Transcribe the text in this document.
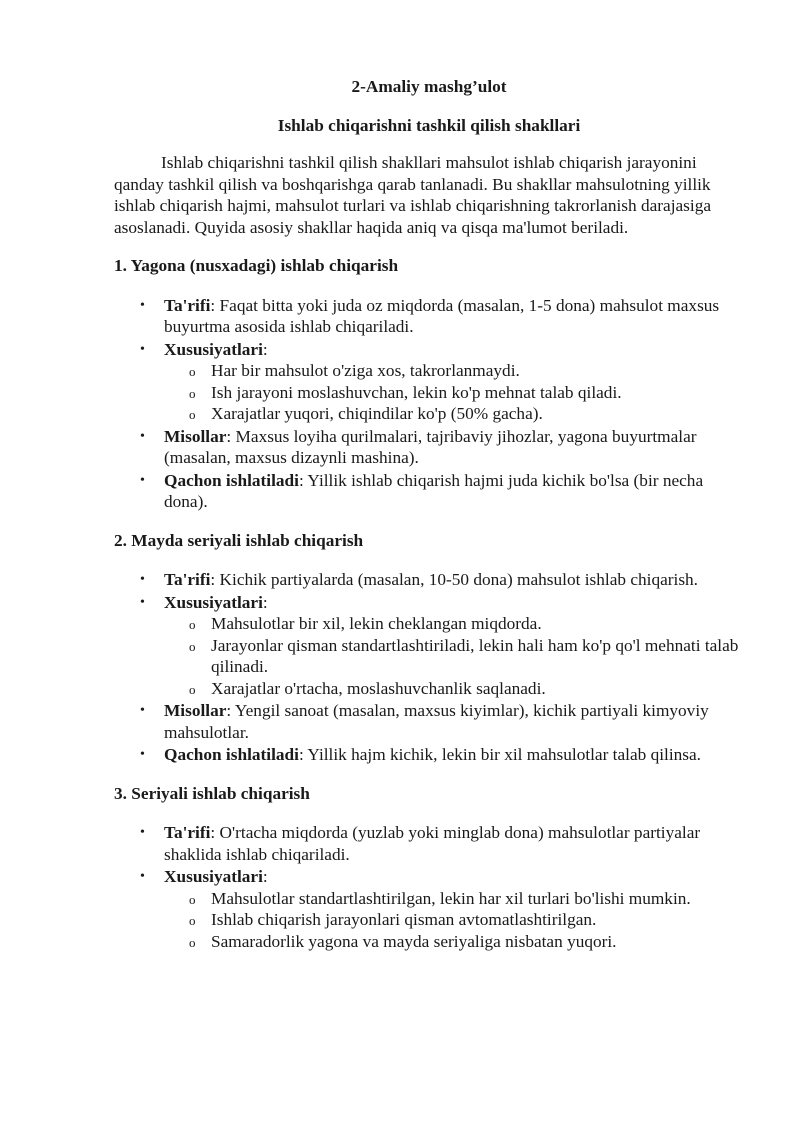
2-Amaliy mashg’ulot

Ishlab chiqarishni tashkil qilish shakllari

Ishlab chiqarishni tashkil qilish shakllari mahsulot ishlab chiqarish jarayonini qanday tashkil qilish va boshqarishga qarab tanlanadi. Bu shakllar mahsulotning yillik ishlab chiqarish hajmi, mahsulot turlari va ishlab chiqarishning takrorlanish darajasiga asoslanadi. Quyida asosiy shakllar haqida aniq va qisqa ma'lumot beriladi.

1. Yagona (nusxadagi) ishlab chiqarish

• Ta'rifi: Faqat bitta yoki juda oz miqdorda (masalan, 1-5 dona) mahsulot maxsus buyurtma asosida ishlab chiqariladi.
• Xususiyatlari:
o Har bir mahsulot o'ziga xos, takrorlanmaydi.
o Ish jarayoni moslashuvchan, lekin ko'p mehnat talab qiladi.
o Xarajatlar yuqori, chiqindilar ko'p (50% gacha).
• Misollar: Maxsus loyiha qurilmalari, tajribaviy jihozlar, yagona buyurtmalar (masalan, maxsus dizaynli mashina).
• Qachon ishlatiladi: Yillik ishlab chiqarish hajmi juda kichik bo'lsa (bir necha dona).

2. Mayda seriyali ishlab chiqarish

• Ta'rifi: Kichik partiyalarda (masalan, 10-50 dona) mahsulot ishlab chiqarish.
• Xususiyatlari:
o Mahsulotlar bir xil, lekin cheklangan miqdorda.
o Jarayonlar qisman standartlashtiriladi, lekin hali ham ko'p qo'l mehnati talab qilinadi.
o Xarajatlar o'rtacha, moslashuvchanlik saqlanadi.
• Misollar: Yengil sanoat (masalan, maxsus kiyimlar), kichik partiyali kimyoviy mahsulotlar.
• Qachon ishlatiladi: Yillik hajm kichik, lekin bir xil mahsulotlar talab qilinsa.

3. Seriyali ishlab chiqarish

• Ta'rifi: O'rtacha miqdorda (yuzlab yoki minglab dona) mahsulotlar partiyalar shaklida ishlab chiqariladi.
• Xususiyatlari:
o Mahsulotlar standartlashtirilgan, lekin har xil turlari bo'lishi mumkin.
o Ishlab chiqarish jarayonlari qisman avtomatlashtirilgan.
o Samaradorlik yagona va mayda seriyaliga nisbatan yuqori.
